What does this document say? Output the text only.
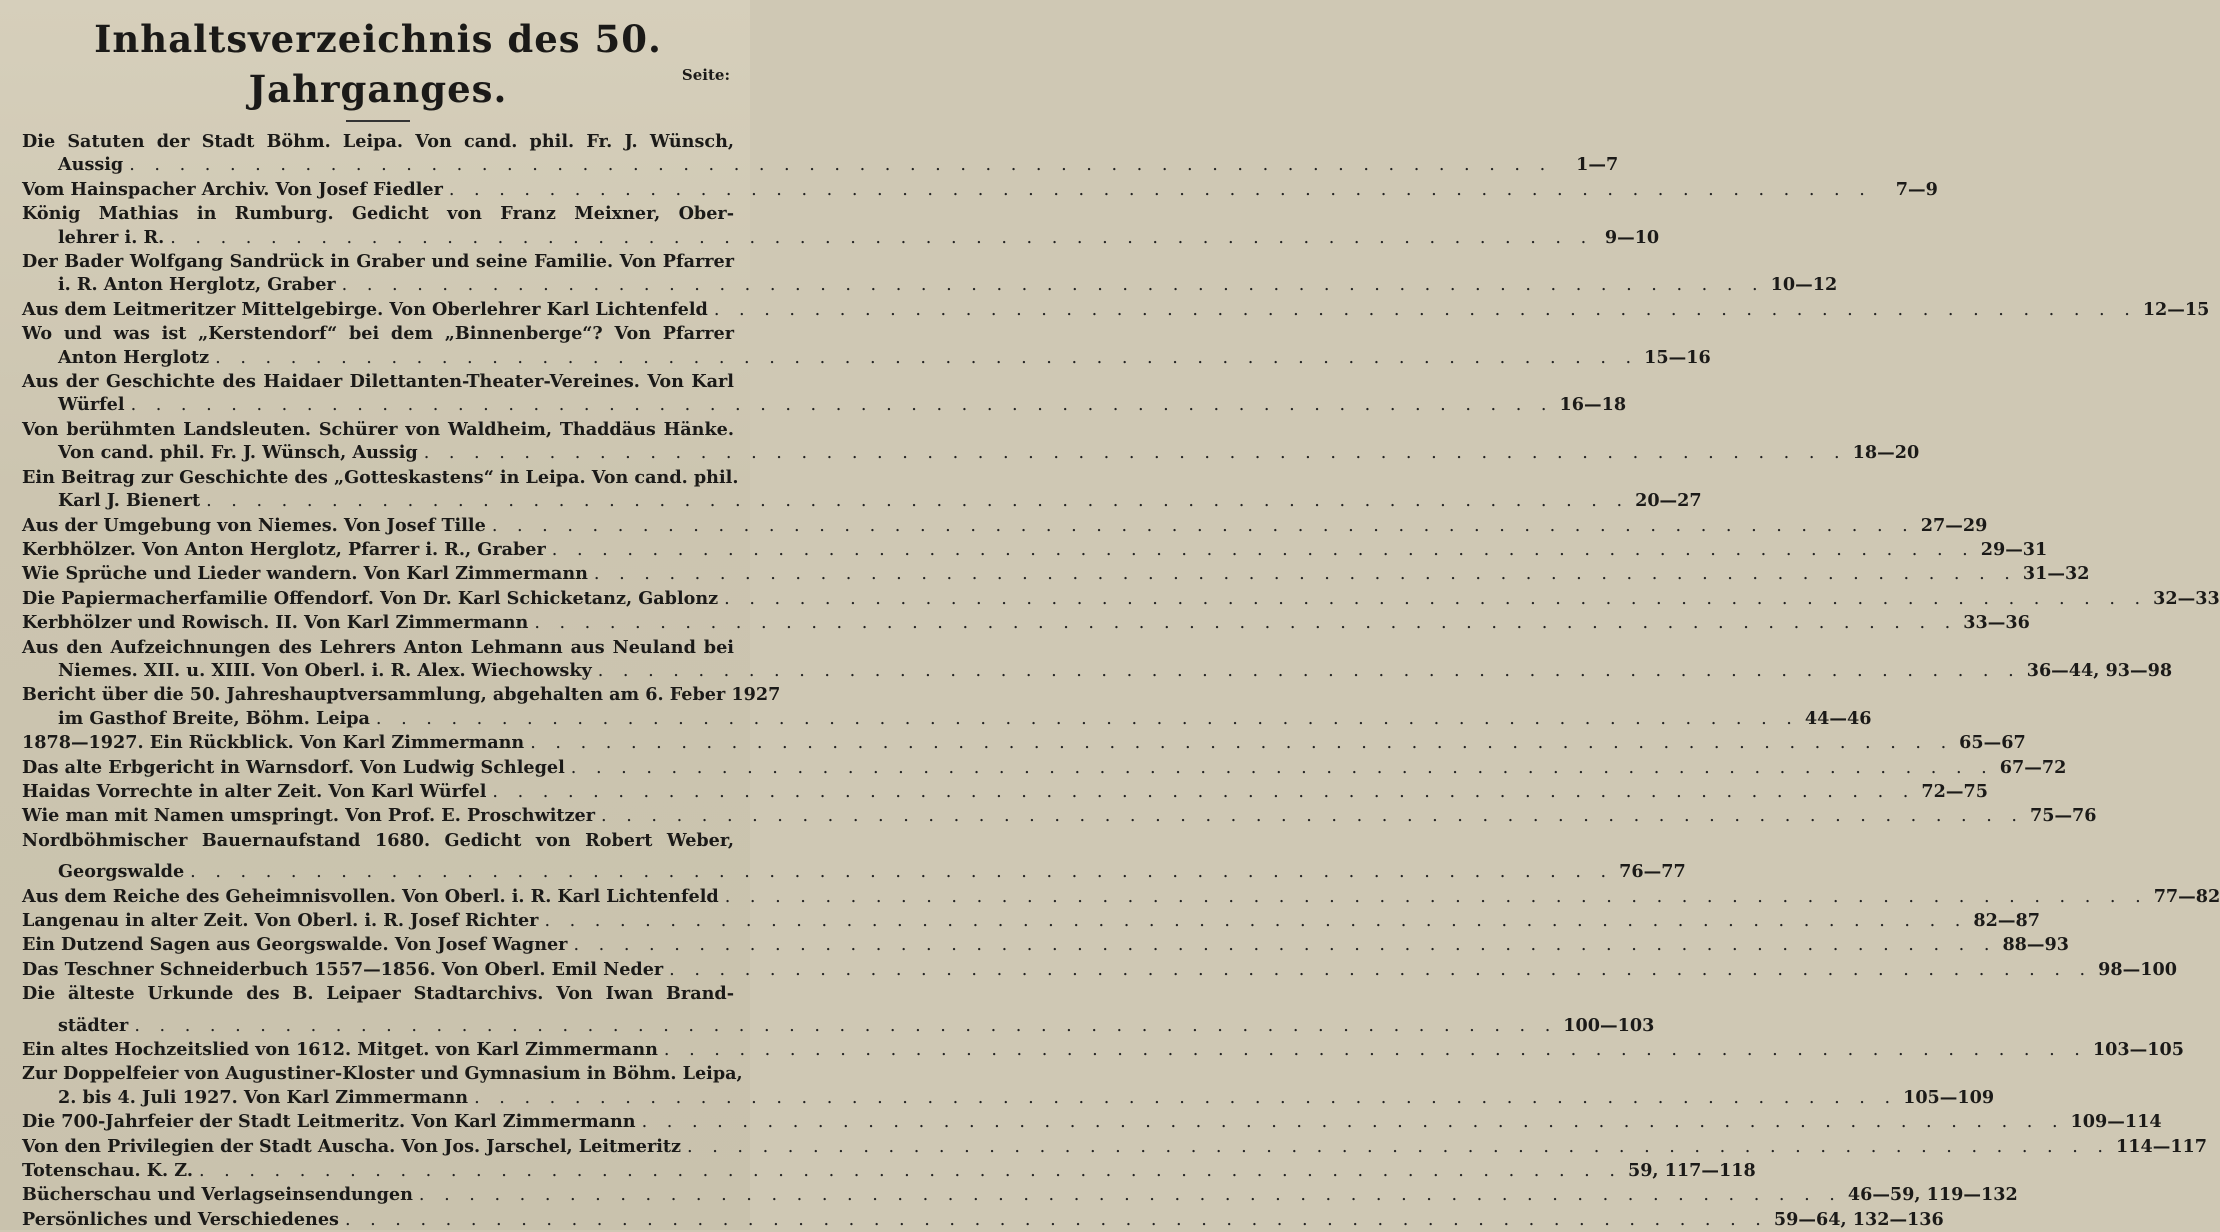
Inhaltsverzeichnis des 50. Jahrganges.	Seite:
Die Satuten der Stadt Böhm. Leipa. Von cand. phil. Fr. J. Wünsch,
Aussig . . . . . . . . . . . . . . . . . . . . . . . . . . . . . . . . . . . . . . . . . . . . . . . . . . . . . . . . .	1—7
Vom Hainspacher Archiv. Von Josef Fiedler . . . . . . . . . . . . . . . . . . . . . . . . . . . . . . . . . . . . . . . . . . . . . . . . . . . . . . . . .	7—9
König Mathias in Rumburg. Gedicht von Franz Meixner, Ober-
lehrer i. R. . . . . . . . . . . . . . . . . . . . . . . . . . . . . . . . . . . . . . . . . . . . . . . . . . . . . . . . . . 9—10
Der Bader Wolfgang Sandrück in Graber und seine Familie. Von Pfarrer
i. R. Anton Herglotz, Graber . . . . . . . . . . . . . . . . . . . . . . . . . . . . . . . . . . . . . . . . . . . . . . . . . . . . . . . . . 10—12
Aus dem Leitmeritzer Mittelgebirge. Von Oberlehrer Karl Lichtenfeld . . . . . . . . . . . . . . . . . . . . . . . . . . . . . . . . . . . . . . . . . . . . . . . . . . . . . . . . . 12—15
Wo und was ist „Kerstendorf“ bei dem „Binnenberge“? Von Pfarrer
Anton Herglotz . . . . . . . . . . . . . . . . . . . . . . . . . . . . . . . . . . . . . . . . . . . . . . . . . . . . . . . . . 15—16
Aus der Geschichte des Haidaer Dilettanten-Theater-Vereines. Von Karl
Würfel . . . . . . . . . . . . . . . . . . . . . . . . . . . . . . . . . . . . . . . . . . . . . . . . . . . . . . . . . 16—18
Von berühmten Landsleuten. Schürer von Waldheim, Thaddäus Hänke.
Von cand. phil. Fr. J. Wünsch, Aussig . . . . . . . . . . . . . . . . . . . . . . . . . . . . . . . . . . . . . . . . . . . . . . . . . . . . . . . . . 18—20
Ein Beitrag zur Geschichte des „Gotteskastens“ in Leipa. Von cand. phil.
Karl J. Bienert . . . . . . . . . . . . . . . . . . . . . . . . . . . . . . . . . . . . . . . . . . . . . . . . . . . . . . . . . 20—27
Aus der Umgebung von Niemes. Von Josef Tille . . . . . . . . . . . . . . . . . . . . . . . . . . . . . . . . . . . . . . . . . . . . . . . . . . . . . . . . . 27—29
Kerbhölzer. Von Anton Herglotz, Pfarrer i. R., Graber . . . . . . . . . . . . . . . . . . . . . . . . . . . . . . . . . . . . . . . . . . . . . . . . . . . . . . . . . 29—31
Wie Sprüche und Lieder wandern. Von Karl Zimmermann . . . . . . . . . . . . . . . . . . . . . . . . . . . . . . . . . . . . . . . . . . . . . . . . . . . . . . . . . 31—32
Die Papiermacherfamilie Offendorf. Von Dr. Karl Schicketanz, Gablonz . . . . . . . . . . . . . . . . . . . . . . . . . . . . . . . . . . . . . . . . . . . . . . . . . . . . . . . . . 32—33
Kerbhölzer und Rowisch. II. Von Karl Zimmermann . . . . . . . . . . . . . . . . . . . . . . . . . . . . . . . . . . . . . . . . . . . . . . . . . . . . . . . . . 33—36
Aus den Aufzeichnungen des Lehrers Anton Lehmann aus Neuland bei
Niemes. XII. u. XIII. Von Oberl. i. R. Alex. Wiechowsky . . . . . . . . . . . . . . . . . . . . . . . . . . . . . . . . . . . . . . . . . . . . . . . . . . . . . . . . . 36—44, 93—98
Bericht über die 50. Jahreshauptversammlung, abgehalten am 6. Feber 1927
im Gasthof Breite, Böhm. Leipa . . . . . . . . . . . . . . . . . . . . . . . . . . . . . . . . . . . . . . . . . . . . . . . . . . . . . . . . . 44—46
1878—1927. Ein Rückblick. Von Karl Zimmermann . . . . . . . . . . . . . . . . . . . . . . . . . . . . . . . . . . . . . . . . . . . . . . . . . . . . . . . . . 65—67
Das alte Erbgericht in Warnsdorf. Von Ludwig Schlegel . . . . . . . . . . . . . . . . . . . . . . . . . . . . . . . . . . . . . . . . . . . . . . . . . . . . . . . . . 67—72
Haidas Vorrechte in alter Zeit. Von Karl Würfel . . . . . . . . . . . . . . . . . . . . . . . . . . . . . . . . . . . . . . . . . . . . . . . . . . . . . . . . . 72—75
Wie man mit Namen umspringt. Von Prof. E. Proschwitzer . . . . . . . . . . . . . . . . . . . . . . . . . . . . . . . . . . . . . . . . . . . . . . . . . . . . . . . . . 75—76
Nordböhmischer Bauernaufstand 1680. Gedicht von Robert Weber,
Georgswalde . . . . . . . . . . . . . . . . . . . . . . . . . . . . . . . . . . . . . . . . . . . . . . . . . . . . . . . . . 76—77
Aus dem Reiche des Geheimnisvollen. Von Oberl. i. R. Karl Lichtenfeld . . . . . . . . . . . . . . . . . . . . . . . . . . . . . . . . . . . . . . . . . . . . . . . . . . . . . . . . . 77—82
Langenau in alter Zeit. Von Oberl. i. R. Josef Richter . . . . . . . . . . . . . . . . . . . . . . . . . . . . . . . . . . . . . . . . . . . . . . . . . . . . . . . . . 82—87
Ein Dutzend Sagen aus Georgswalde. Von Josef Wagner . . . . . . . . . . . . . . . . . . . . . . . . . . . . . . . . . . . . . . . . . . . . . . . . . . . . . . . . . 88—93
Das Teschner Schneiderbuch 1557—1856. Von Oberl. Emil Neder . . . . . . . . . . . . . . . . . . . . . . . . . . . . . . . . . . . . . . . . . . . . . . . . . . . . . . . . . 98—100
Die älteste Urkunde des B. Leipaer Stadtarchivs. Von Iwan Brand-
städter . . . . . . . . . . . . . . . . . . . . . . . . . . . . . . . . . . . . . . . . . . . . . . . . . . . . . . . . . 100—103
Ein altes Hochzeitslied von 1612. Mitget. von Karl Zimmermann . . . . . . . . . . . . . . . . . . . . . . . . . . . . . . . . . . . . . . . . . . . . . . . . . . . . . . . . . 103—105
Zur Doppelfeier von Augustiner-Kloster und Gymnasium in Böhm. Leipa,
2. bis 4. Juli 1927. Von Karl Zimmermann . . . . . . . . . . . . . . . . . . . . . . . . . . . . . . . . . . . . . . . . . . . . . . . . . . . . . . . . . 105—109
Die 700-Jahrfeier der Stadt Leitmeritz. Von Karl Zimmermann . . . . . . . . . . . . . . . . . . . . . . . . . . . . . . . . . . . . . . . . . . . . . . . . . . . . . . . . . 109—114
Von den Privilegien der Stadt Auscha. Von Jos. Jarschel, Leitmeritz . . . . . . . . . . . . . . . . . . . . . . . . . . . . . . . . . . . . . . . . . . . . . . . . . . . . . . . . . 114—117
Totenschau. K. Z. . . . . . . . . . . . . . . . . . . . . . . . . . . . . . . . . . . . . . . . . . . . . . . . . . . . . . . . . . 59, 117—118
Bücherschau und Verlagseinsendungen . . . . . . . . . . . . . . . . . . . . . . . . . . . . . . . . . . . . . . . . . . . . . . . . . . . . . . . . . 46—59, 119—132
Persönliches und Verschiedenes . . . . . . . . . . . . . . . . . . . . . . . . . . . . . . . . . . . . . . . . . . . . . . . . . . . . . . . . . 59—64, 132—136
